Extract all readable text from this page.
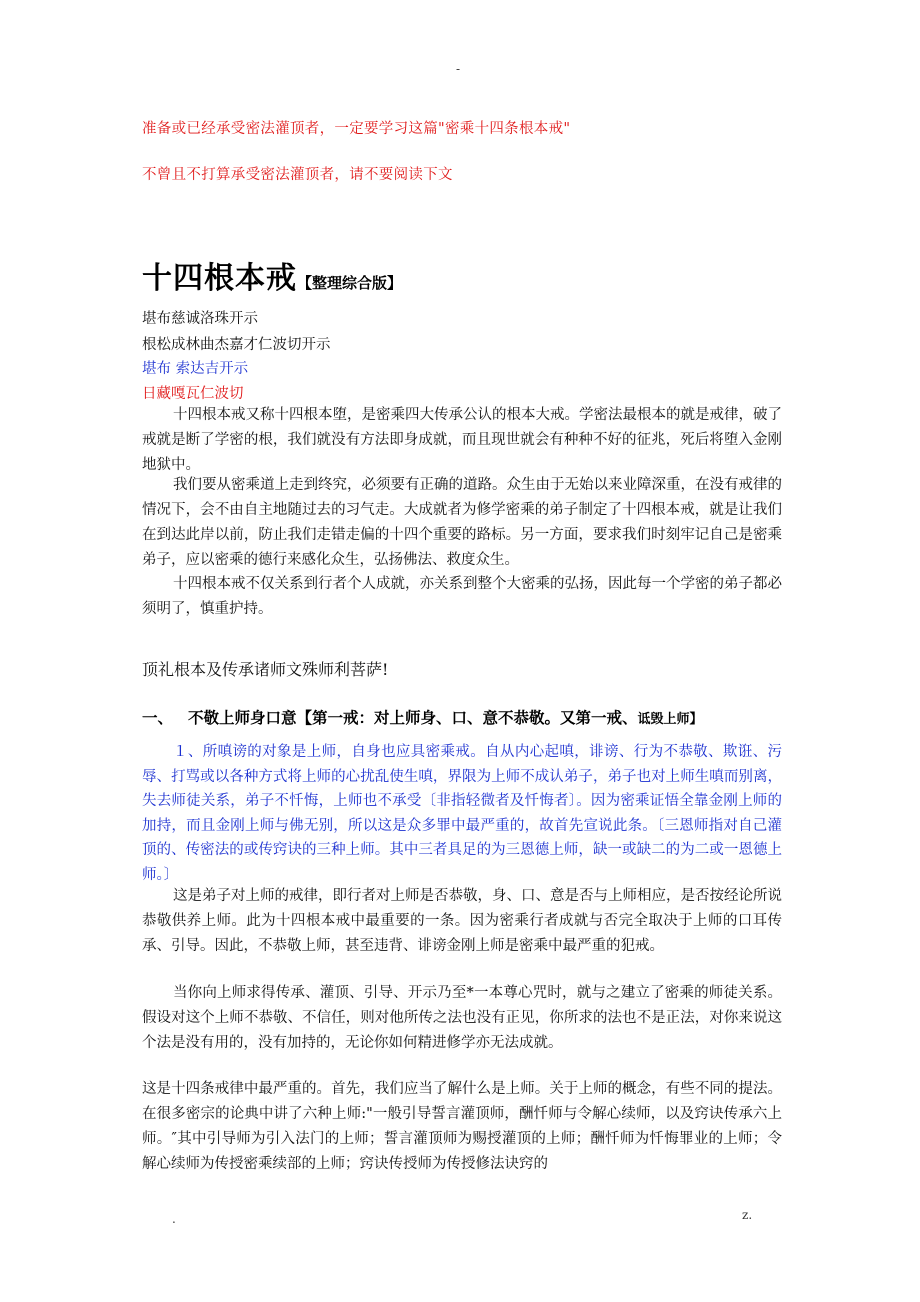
-
准备或已经承受密法灌顶者，一定要学习这篇"密乘十四条根本戒"
不曾且不打算承受密法灌顶者，请不要阅读下文
十四根本戒【整理综合版】
堪布慈诚洛珠开示
根松成林曲杰嘉才仁波切开示
堪布 索达吉开示
日藏嘎瓦仁波切

十四根本戒又称十四根本堕，是密乘四大传承公认的根本大戒。学密法最根本的就是戒律，破了戒就是断了学密的根，我们就没有方法即身成就，而且现世就会有种种不好的征兆，死后将堕入金刚地狱中。

我们要从密乘道上走到终究，必须要有正确的道路。众生由于无始以来业障深重，在没有戒律的情况下，会不由自主地随过去的习气走。大成就者为修学密乘的弟子制定了十四根本戒，就是让我们在到达此岸以前，防止我们走错走偏的十四个重要的路标。另一方面，要求我们时刻牢记自己是密乘弟子，应以密乘的德行来感化众生，弘扬佛法、救度众生。

十四根本戒不仅关系到行者个人成就，亦关系到整个大密乘的弘扬，因此每一个学密的弟子都必须明了，慎重护持。

顶礼根本及传承诸师文殊师利菩萨!
一、 不敬上师身口意【第一戒：对上师身、口、意不恭敬。又第一戒、诋毁上师】

１、所嗔谤的对象是上师，自身也应具密乘戒。自从内心起嗔，诽谤、行为不恭敬、欺诳、污辱、打骂或以各种方式将上师的心扰乱使生嗔，界限为上师不成认弟子，弟子也对上师生嗔而别离，失去师徒关系，弟子不忏悔，上师也不承受〔非指轻微者及忏悔者〕。因为密乘证悟全靠金刚上师的加持，而且金刚上师与佛无别，所以这是众多罪中最严重的，故首先宣说此条。〔三恩师指对自己灌顶的、传密法的或传窍诀的三种上师。其中三者具足的为三恩德上师，缺一或缺二的为二或一恩德上师。〕

这是弟子对上师的戒律，即行者对上师是否恭敬，身、口、意是否与上师相应，是否按经论所说恭敬供养上师。此为十四根本戒中最重要的一条。因为密乘行者成就与否完全取决于上师的口耳传承、引导。因此，不恭敬上师，甚至违背、诽谤金刚上师是密乘中最严重的犯戒。

当你向上师求得传承、灌顶、引导、开示乃至*一本尊心咒时，就与之建立了密乘的师徒关系。假设对这个上师不恭敬、不信任，则对他所传之法也没有正见，你所求的法也不是正法，对你来说这个法是没有用的，没有加持的，无论你如何精进修学亦无法成就。

这是十四条戒律中最严重的。首先，我们应当了解什么是上师。关于上师的概念，有些不同的提法。在很多密宗的论典中讲了六种上师:"一般引导誓言灌顶师，酬忏师与令解心续师，以及窍诀传承六上师。″其中引导师为引入法门的上师；誓言灌顶师为赐授灌顶的上师；酬忏师为忏悔罪业的上师；令解心续师为传授密乘续部的上师；窍诀传授师为传授修法诀窍的

.	z.
